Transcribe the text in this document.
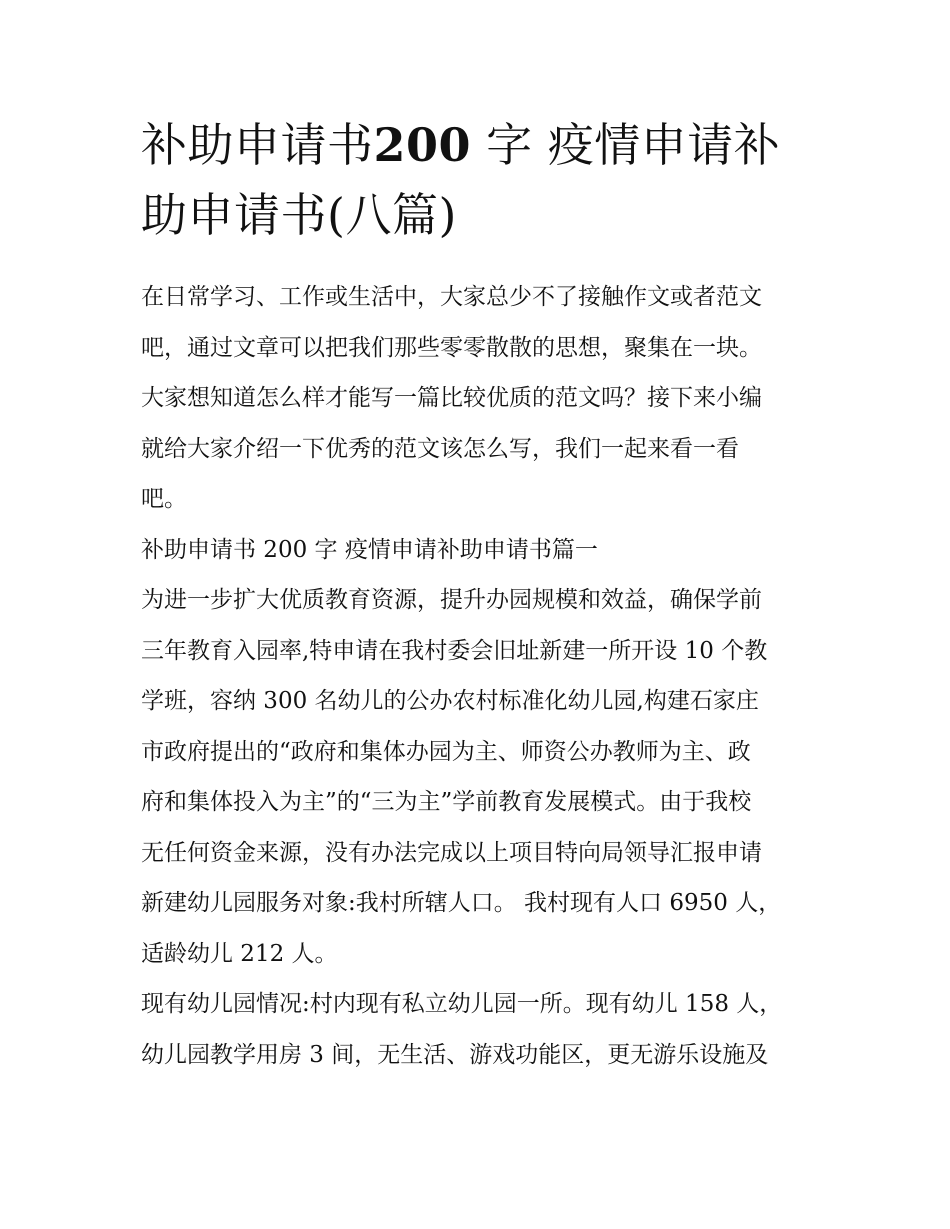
补助申请书200 字 疫情申请补
助申请书(八篇)

在日常学习、工作或生活中，大家总少不了接触作文或者范文
吧，通过文章可以把我们那些零零散散的思想，聚集在一块。
大家想知道怎么样才能写一篇比较优质的范文吗？接下来小编
就给大家介绍一下优秀的范文该怎么写，我们一起来看一看
吧。

补助申请书 200 字 疫情申请补助申请书篇一

为进一步扩大优质教育资源，提升办园规模和效益，确保学前
三年教育入园率,特申请在我村委会旧址新建一所开设 10 个教
学班，容纳 300 名幼儿的公办农村标准化幼儿园,构建石家庄
市政府提出的“政府和集体办园为主、师资公办教师为主、政
府和集体投入为主”的“三为主”学前教育发展模式。由于我校
无任何资金来源，没有办法完成以上项目特向局领导汇报申请
新建幼儿园服务对象:我村所辖人口。 我村现有人口 6950 人，
适龄幼儿 212 人。

现有幼儿园情况:村内现有私立幼儿园一所。现有幼儿 158 人，
幼儿园教学用房 3 间，无生活、游戏功能区，更无游乐设施及
